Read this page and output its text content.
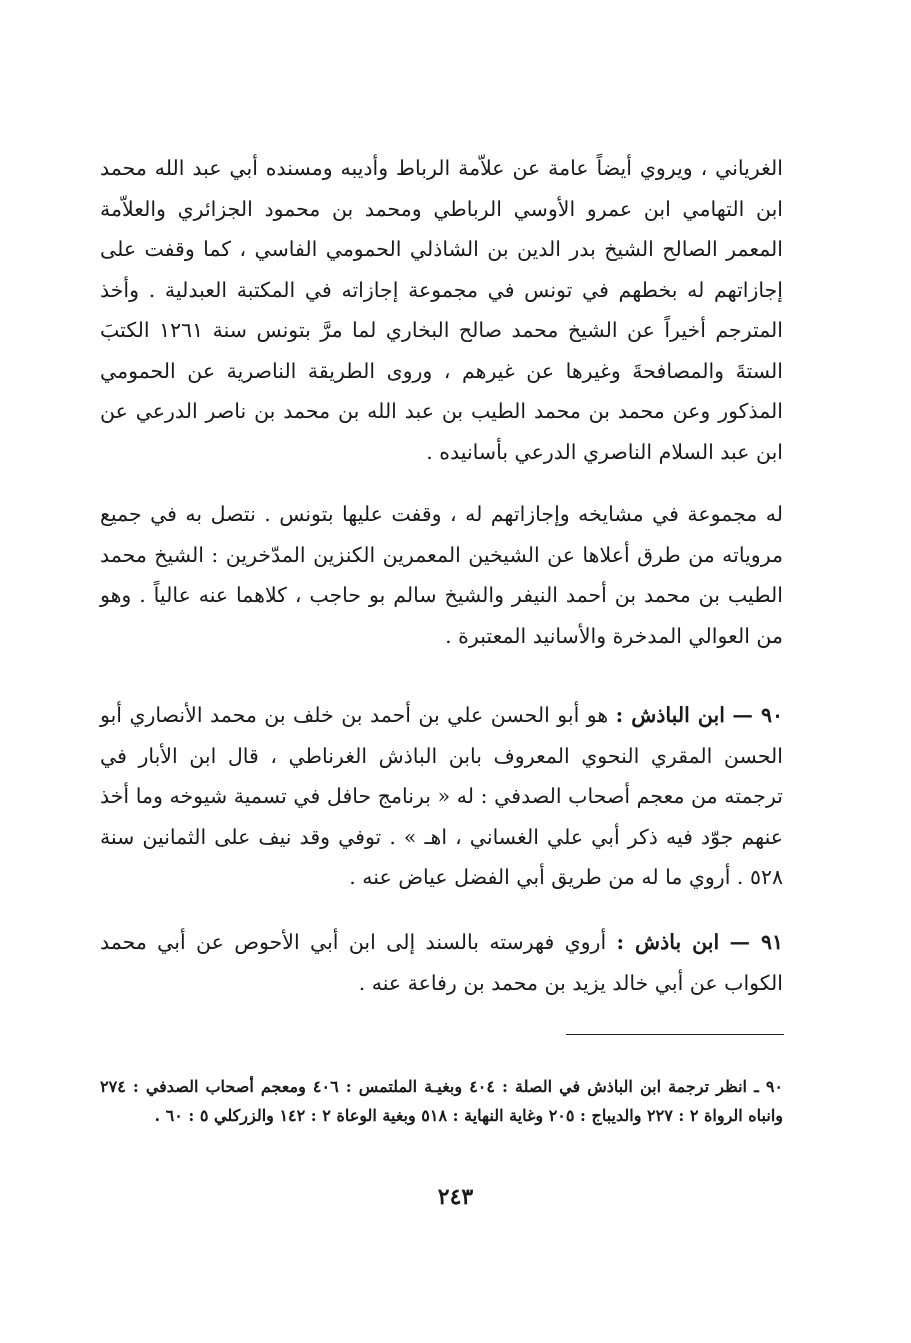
الغرياني ، ويروي أيضاً عامة عن علاّمة الرباط وأديبه ومسنده أبي عبد الله محمد ابن التهامي ابن عمرو الأوسي الرباطي ومحمد بن محمود الجزائري والعلاّمة المعمر الصالح الشيخ بدر الدين بن الشاذلي الحمومي الفاسي ، كما وقفت على إجازاتهم له بخطهم في تونس في مجموعة إجازاته في المكتبة العبدلية . وأخذ المترجم أخيراً عن الشيخ محمد صالح البخاري لما مرَّ بتونس سنة ١٢٦١ الكتبَ الستةَ والمصافحةَ وغيرها عن غيرهم ، وروى الطريقة الناصرية عن الحمومي المذكور وعن محمد بن محمد الطيب بن عبد الله بن محمد بن ناصر الدرعي عن ابن عبد السلام الناصري الدرعي بأسانيده .

له مجموعة في مشايخه وإجازاتهم له ، وقفت عليها بتونس . نتصل به في جميع مروياته من طرق أعلاها عن الشيخين المعمرين الكنزين المدّخرين : الشيخ محمد الطيب بن محمد بن أحمد النيفر والشيخ سالم بو حاجب ، كلاهما عنه عالياً . وهو من العوالي المدخرة والأسانيد المعتبرة .

٩٠ — ابن الباذش : هو أبو الحسن علي بن أحمد بن خلف بن محمد الأنصاري أبو الحسن المقري النحوي المعروف بابن الباذش الغرناطي ، قال ابن الأبار في ترجمته من معجم أصحاب الصدفي : له « برنامج حافل في تسمية شيوخه وما أخذ عنهم جوّد فيه ذكر أبي علي الغساني ، اهـ » . توفي وقد نيف على الثمانين سنة ٥٢٨ . أروي ما له من طريق أبي الفضل عياض عنه .

٩١ — ابن باذش : أروي فهرسته بالسند إلى ابن أبي الأحوص عن أبي محمد الكواب عن أبي خالد يزيد بن محمد بن رفاعة عنه .

٩٠ ـ انظر ترجمة ابن الباذش في الصلة : ٤٠٤ وبغيـة الملتمس : ٤٠٦ ومعجم أصحاب الصدفي : ٢٧٤ وانباه الرواة ٢ : ٢٢٧ والديباج : ٢٠٥ وغاية النهاية : ٥١٨ وبغية الوعاة ٢ : ١٤٢ والزركلي ٥ : ٦٠ .

٢٤٣
